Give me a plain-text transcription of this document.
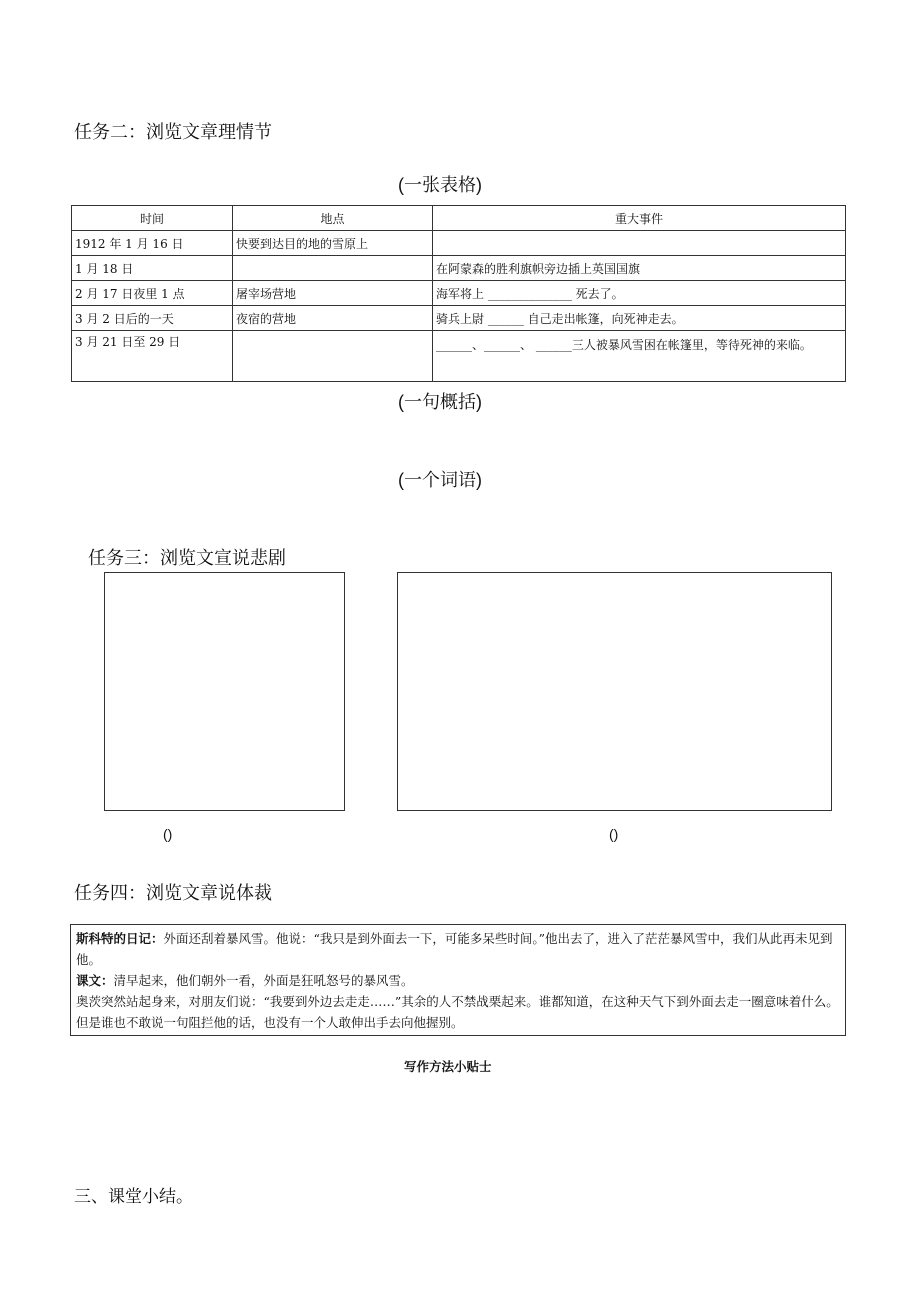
任务二：浏览文章理情节
(一张表格)
时间	地点	重大事件
1912 年 1 月 16 日	快要到达目的地的雪原上	
1 月 18 日		在阿蒙森的胜利旗帜旁边插上英国国旗
2 月 17 日夜里 1 点	屠宰场营地	海军将上 ______________ 死去了。
3 月 2 日后的一天	夜宿的营地	骑兵上尉 ______ 自己走出帐篷，向死神走去。
3 月 21 日至 29 日		______、______、 ______三人被暴风雪困在帐篷里，等待死神的来临。
(一句概括)
(一个词语)
任务三：浏览文宣说悲剧
()	()
任务四：浏览文章说体裁
斯科特的日记：外面还刮着暴风雪。他说：“我只是到外面去一下，可能多呆些时间。”他出去了，进入了茫茫暴风雪中，我们从此再未见到他。
课文：清早起来，他们朝外一看，外面是狂吼怒号的暴风雪。
奥茨突然站起身来，对朋友们说：“我要到外边去走走……”其余的人不禁战栗起来。谁都知道，在这种天气下到外面去走一圈意味着什么。但是谁也不敢说一句阻拦他的话，也没有一个人敢伸出手去向他握别。
写作方法小贴士
三、课堂小结。
